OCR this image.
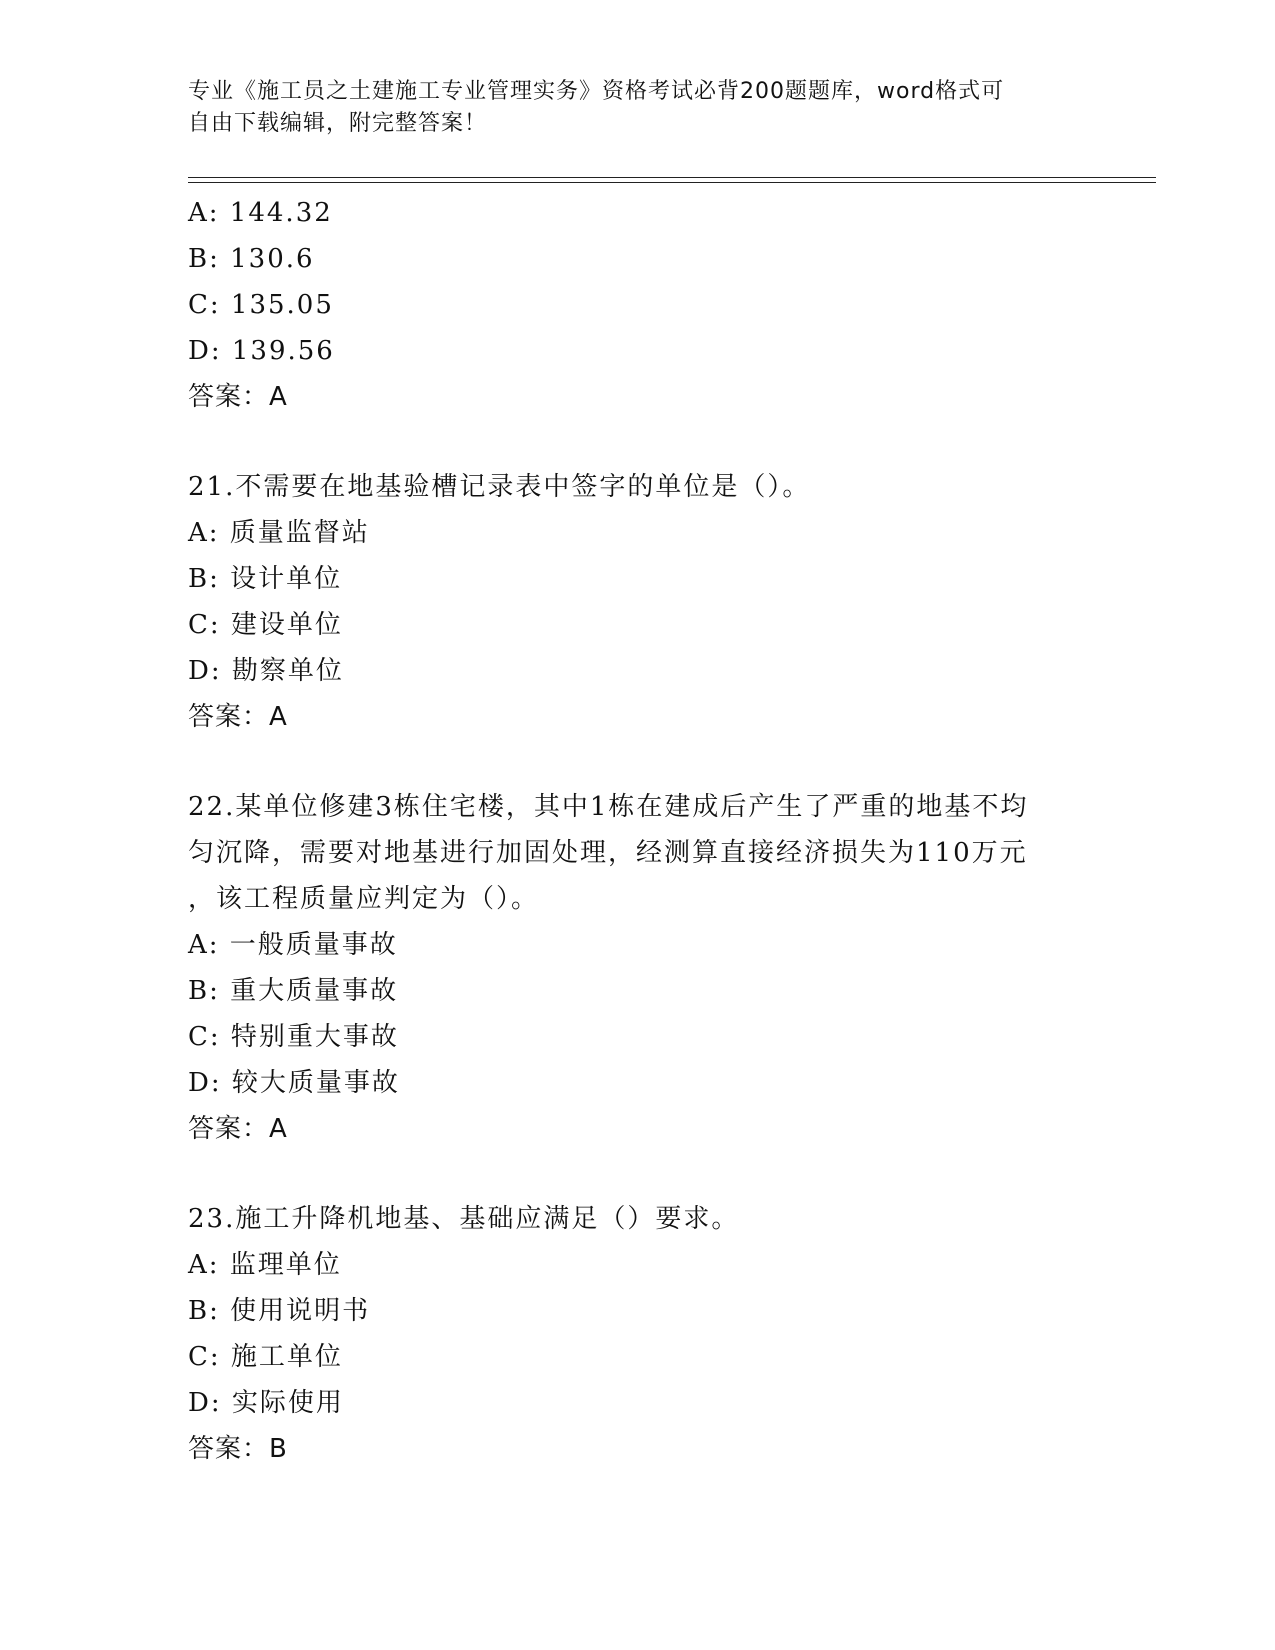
专业《施工员之土建施工专业管理实务》资格考试必背200题题库，word格式可
自由下载编辑，附完整答案！
A: 144.32
B: 130.6
C: 135.05
D: 139.56
答案：A
21.不需要在地基验槽记录表中签字的单位是（）。
A: 质量监督站
B: 设计单位
C: 建设单位
D: 勘察单位
答案：A
22.某单位修建3栋住宅楼，其中1栋在建成后产生了严重的地基不均
匀沉降，需要对地基进行加固处理，经测算直接经济损失为110万元
，该工程质量应判定为（）。
A: 一般质量事故
B: 重大质量事故
C: 特别重大事故
D: 较大质量事故
答案：A
23.施工升降机地基、基础应满足（）要求。
A: 监理单位
B: 使用说明书
C: 施工单位
D: 实际使用
答案：B
